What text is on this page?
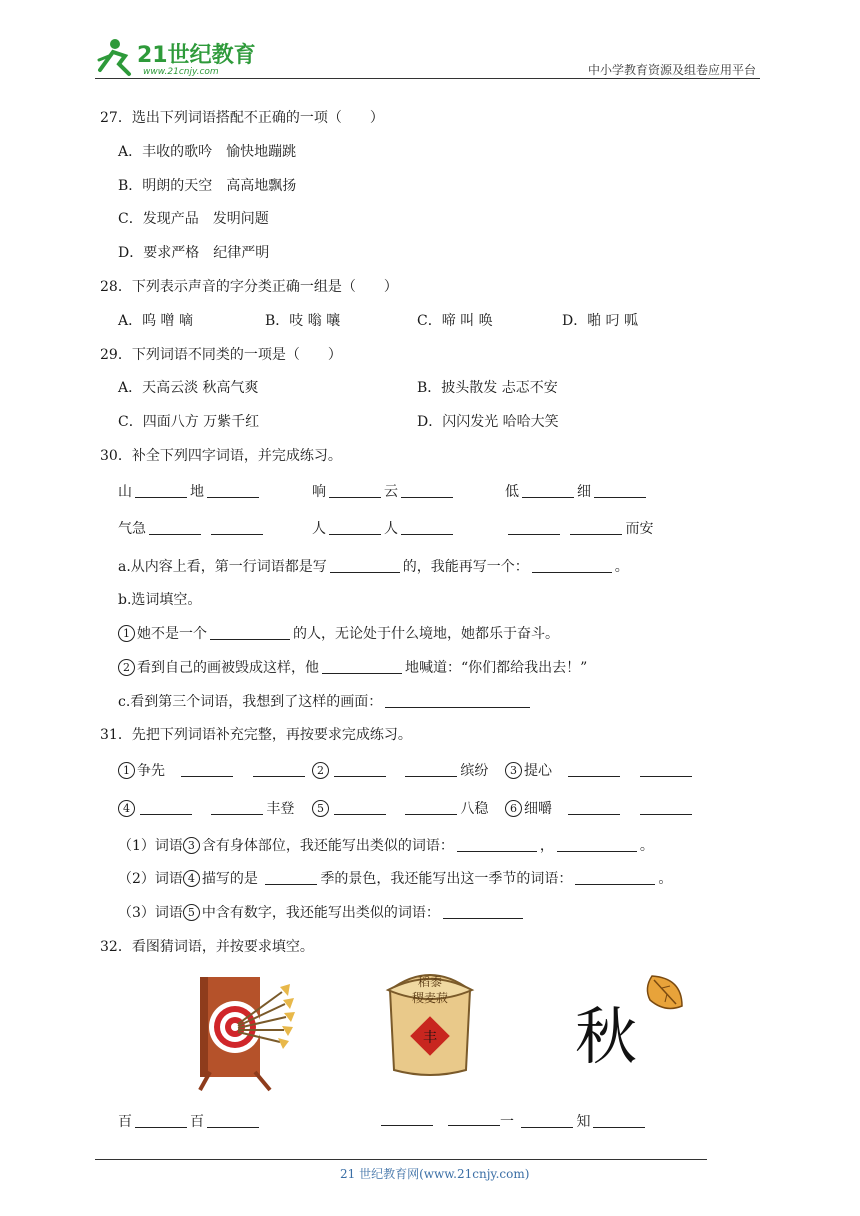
21世纪教育
www.21cnjy.com	中小学教育资源及组卷应用平台
27．选出下列词语搭配不正确的一项（　　）
A．丰收的歌吟　愉快地蹦跳
B．明朗的天空　高高地飘扬
C．发现产品　发明问题
D．要求严格　纪律严明
28．下列表示声音的字分类正确一组是（　　）
A．呜 噌 嘀	B．吱 嗡 嚷	C．啼 叫 唤	D．啪 叼 呱
29．下列词语不同类的一项是（　　）
A．天高云淡 秋高气爽	B．披头散发 忐忑不安
C．四面八方 万紫千红	D．闪闪发光 哈哈大笑
30．补全下列四字词语，并完成练习。
山	地	响	云	低	细
气急	人	人	而安
a.从内容上看，第一行词语都是写	的，我能再写一个：	。
b.选词填空。
1 她不是一个	的人，无论处于什么境地，她都乐于奋斗。
2 看到自己的画被毁成这样，他	地喊道：“你们都给我出去！”
c.看到第三个词语，我想到了这样的画面：
31．先把下列词语补充完整，再按要求完成练习。
1 争先	2	缤纷	3 提心
4	丰登	5	八稳	6 细嚼
（1）词语 3 含有身体部位，我还能写出类似的词语：	，	。
（2）词语 4 描写的是	季的景色，我还能写出这一季节的词语：	。
（3）词语 5 中含有数字，我还能写出类似的词语：
32．看图猜词语，并按要求填空。
稻黍
稷麦菽
丰 秋
百	百
	一	知
21 世纪教育网(www.21cnjy.com)
